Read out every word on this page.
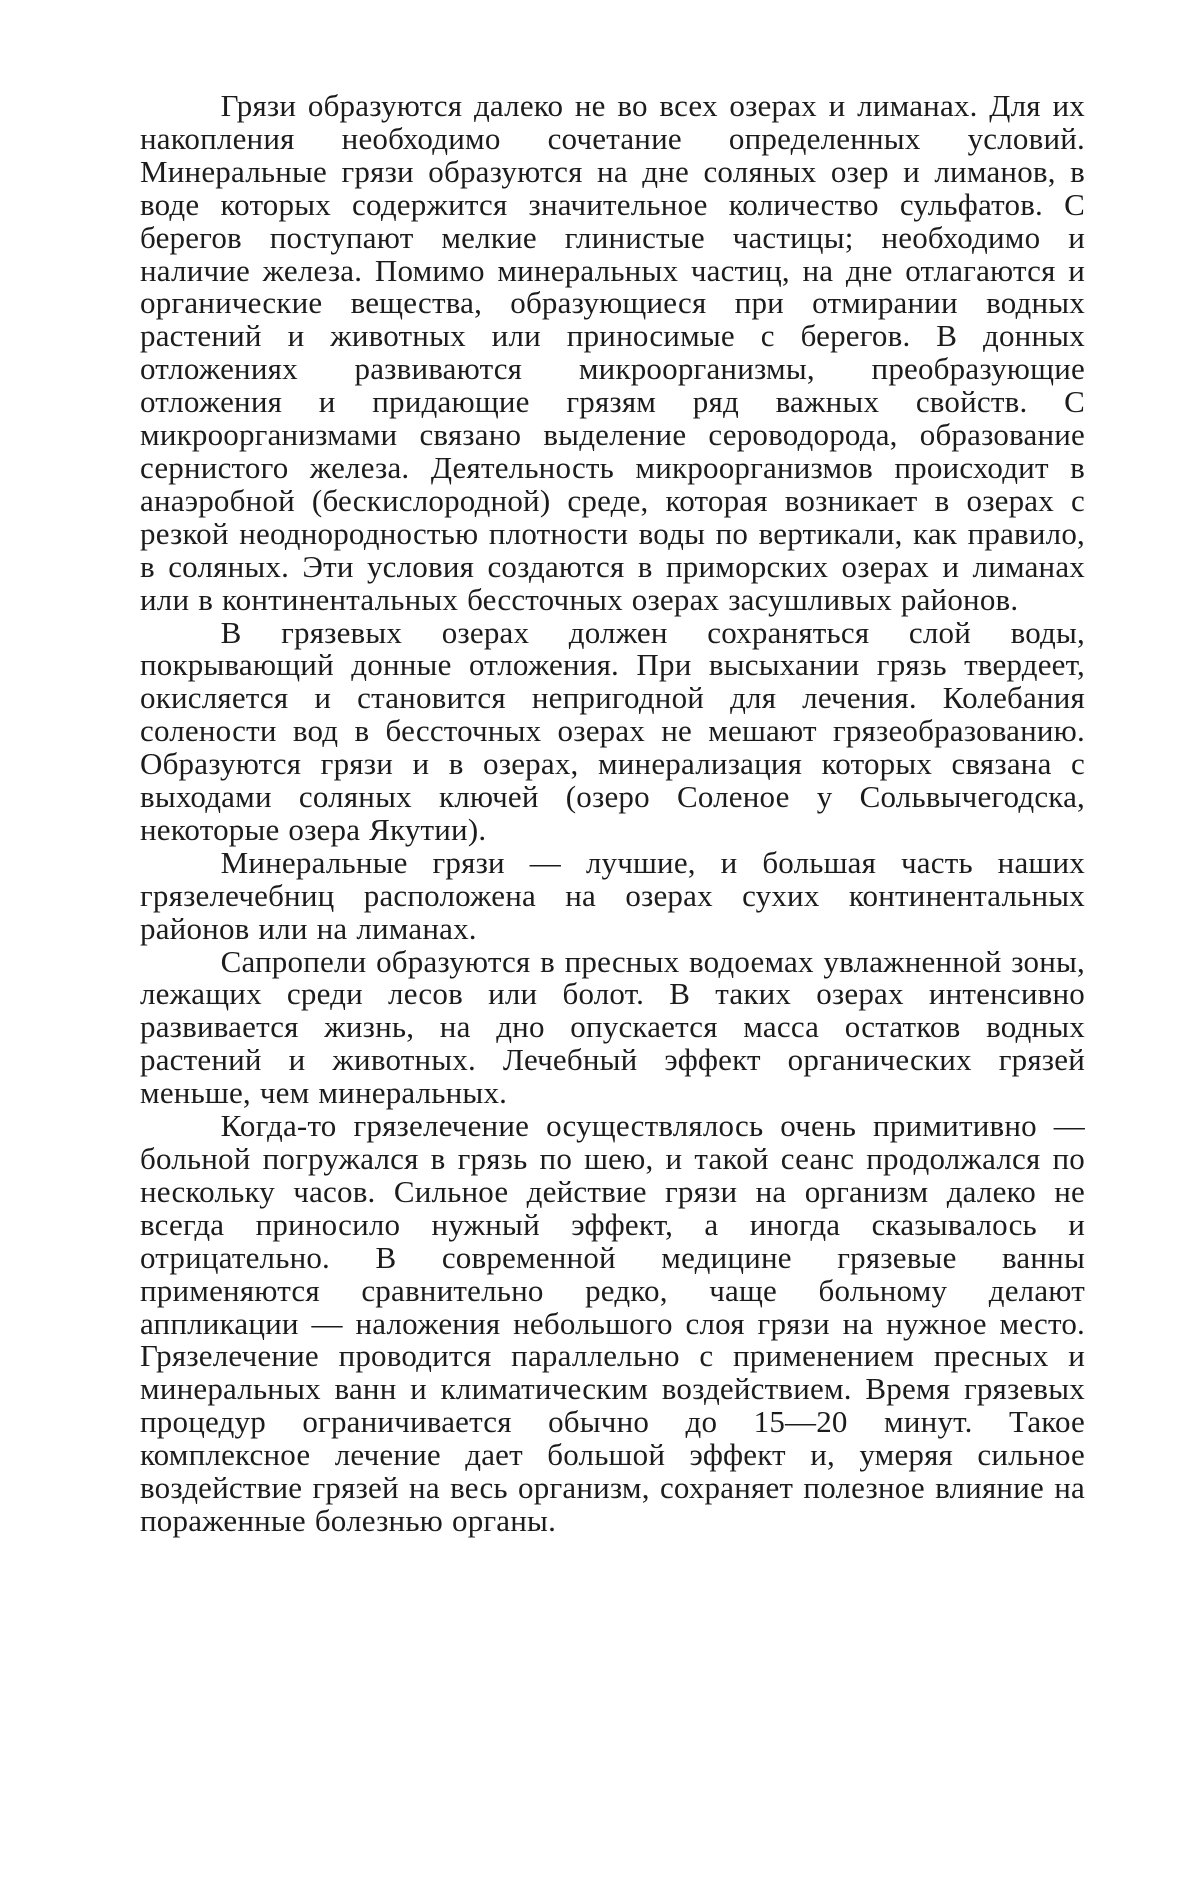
Грязи образуются далеко не во всех озерах и лиманах. Для их накопления необходимо сочетание определенных условий. Минеральные грязи образуются на дне соляных озер и лиманов, в воде которых содержится значительное количество сульфатов. С берегов поступают мелкие глинистые частицы; необходимо и наличие железа. Помимо минеральных частиц, на дне отлагаются и органические вещества, образующиеся при отмирании водных растений и животных или приносимые с берегов. В донных отложениях развиваются микроорганизмы, преобразующие отложения и придающие грязям ряд важных свойств. С микроорганизмами связано выделение сероводорода, образование сернистого железа. Деятельность микроорганизмов происходит в анаэробной (бескислородной) среде, которая возникает в озерах с резкой неоднородностью плотности воды по вертикали, как правило, в соляных. Эти условия создаются в приморских озерах и лиманах или в континентальных бессточных озерах засушливых районов.

В грязевых озерах должен сохраняться слой воды, покрывающий донные отложения. При высыхании грязь твердеет, окисляется и становится непригодной для лечения. Колебания солености вод в бессточных озерах не мешают грязеобразованию. Образуются грязи и в озерах, минерализация которых связана с выходами соляных ключей (озеро Соленое у Сольвычегодска, некоторые озера Якутии).

Минеральные грязи — лучшие, и большая часть наших грязелечебниц расположена на озерах сухих континентальных районов или на лиманах.

Сапропели образуются в пресных водоемах увлажненной зоны, лежащих среди лесов или болот. В таких озерах интенсивно развивается жизнь, на дно опускается масса остатков водных растений и животных. Лечебный эффект органических грязей меньше, чем минеральных.

Когда-то грязелечение осуществлялось очень примитивно — больной погружался в грязь по шею, и такой сеанс продолжался по нескольку часов. Сильное действие грязи на организм далеко не всегда приносило нужный эффект, а иногда сказывалось и отрицательно. В современной медицине грязевые ванны применяются сравнительно редко, чаще больному делают аппликации — наложения небольшого слоя грязи на нужное место. Грязелечение проводится параллельно с применением пресных и минеральных ванн и климатическим воздействием. Время грязевых процедур ограничивается обычно до 15—20 минут. Такое комплексное лечение дает большой эффект и, умеряя сильное воздействие грязей на весь организм, сохраняет полезное влияние на пораженные болезнью органы.
